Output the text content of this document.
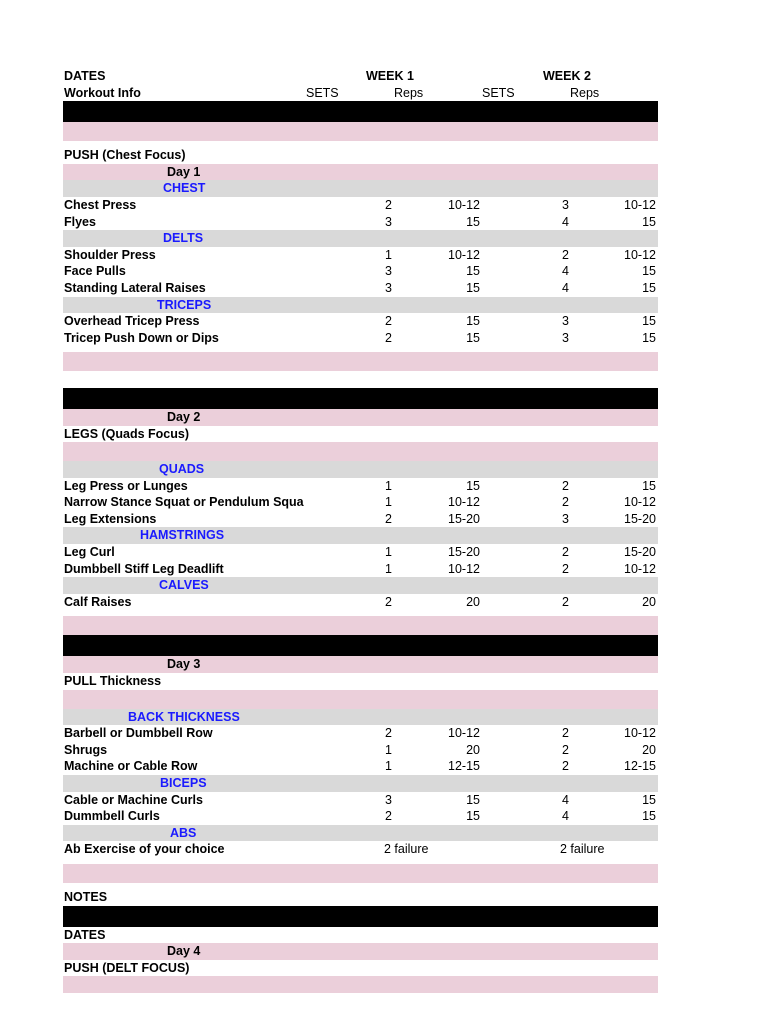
DATES	WEEK 1	WEEK 2
Workout Info	SETS	Reps	SETS	Reps
PUSH (Chest Focus)
Day 1
CHEST
Chest Press	2	10-12	3	10-12
Flyes	3	15	4	15
DELTS
Shoulder Press	1	10-12	2	10-12
Face Pulls	3	15	4	15
Standing Lateral Raises	3	15	4	15
TRICEPS
Overhead Tricep Press	2	15	3	15
Tricep Push Down or Dips	2	15	3	15
Day 2
LEGS (Quads Focus)
QUADS
Leg Press or Lunges	1	15	2	15
Narrow Stance Squat or Pendulum Squa	1	10-12	2	10-12
Leg Extensions	2	15-20	3	15-20
HAMSTRINGS
Leg Curl	1	15-20	2	15-20
Dumbbell Stiff Leg Deadlift	1	10-12	2	10-12
CALVES
Calf Raises	2	20	2	20
Day 3
PULL Thickness
BACK THICKNESS
Barbell or Dumbbell Row	2	10-12	2	10-12
Shrugs	1	20	2	20
Machine or Cable Row	1	12-15	2	12-15
BICEPS
Cable or Machine Curls	3	15	4	15
Dummbell Curls	2	15	4	15
ABS
Ab Exercise of your choice	2 failure	2 failure
NOTES
DATES
Day 4
PUSH (DELT FOCUS)
